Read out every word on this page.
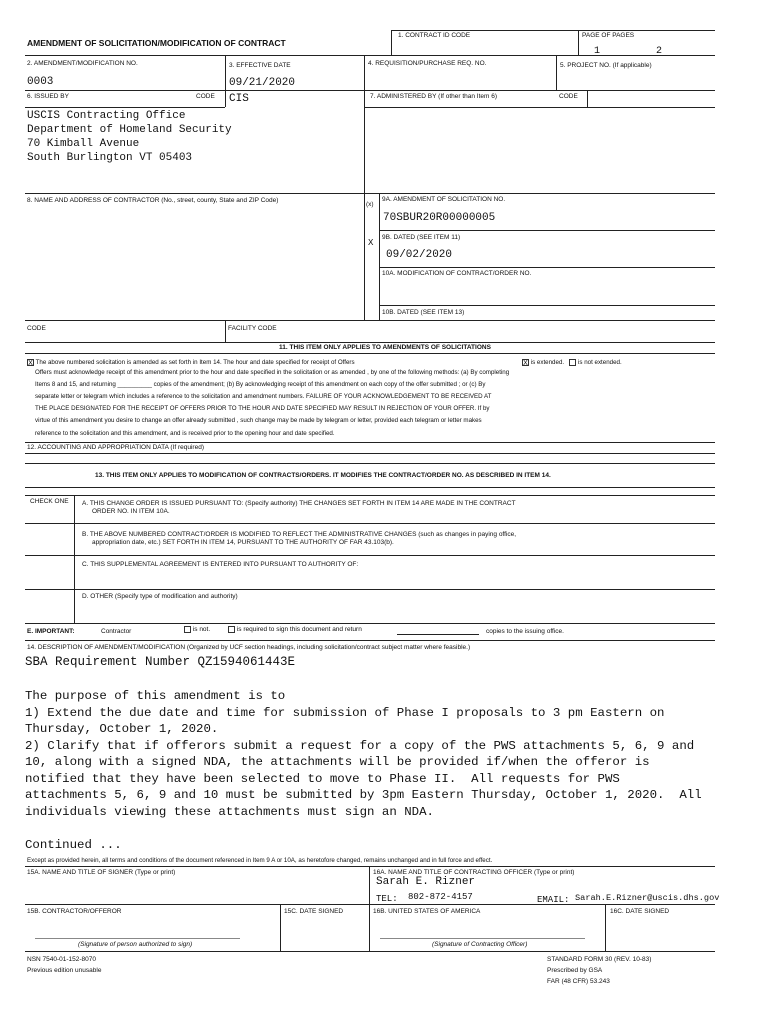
AMENDMENT OF SOLICITATION/MODIFICATION OF CONTRACT
1. CONTRACT ID CODE	PAGE OF PAGES
1	2
2. AMENDMENT/MODIFICATION NO.
0003
3. EFFECTIVE DATE
09/21/2020
4. REQUISITION/PURCHASE REQ. NO.	5. PROJECT NO. (If applicable)
6. ISSUED BY	CODE CIS	7. ADMINISTERED BY (If other than Item 6)	CODE
USCIS Contracting Office
Department of Homeland Security
70 Kimball Avenue
South Burlington VT 05403
8. NAME AND ADDRESS OF CONTRACTOR (No., street, county, State and ZIP Code)
(x)
9A. AMENDMENT OF SOLICITATION NO.
70SBUR20R00000005
X
9B. DATED (SEE ITEM 11)
09/02/2020
10A. MODIFICATION OF CONTRACT/ORDER NO.
10B. DATED (SEE ITEM 13)
CODE	FACILITY CODE
11. THIS ITEM ONLY APPLIES TO AMENDMENTS OF SOLICITATIONS
X The above numbered solicitation is amended as set forth in Item 14. The hour and date specified for receipt of Offers	X is extended. is not extended.
Offers must acknowledge receipt of this amendment prior to the hour and date specified in the solicitation or as amended , by one of the following methods: (a) By completing
Items 8 and 15, and returning __________ copies of the amendment; (b) By acknowledging receipt of this amendment on each copy of the offer submitted ; or (c) By
separate letter or telegram which includes a reference to the solicitation and amendment numbers. FAILURE OF YOUR ACKNOWLEDGEMENT TO BE RECEIVED AT
THE PLACE DESIGNATED FOR THE RECEIPT OF OFFERS PRIOR TO THE HOUR AND DATE SPECIFIED MAY RESULT IN REJECTION OF YOUR OFFER. If by
virtue of this amendment you desire to change an offer already submitted , such change may be made by telegram or letter, provided each telegram or letter makes
reference to the solicitation and this amendment, and is received prior to the opening hour and date specified.
12. ACCOUNTING AND APPROPRIATION DATA (If required)
13. THIS ITEM ONLY APPLIES TO MODIFICATION OF CONTRACTS/ORDERS. IT MODIFIES THE CONTRACT/ORDER NO. AS DESCRIBED IN ITEM 14.
CHECK ONE A. THIS CHANGE ORDER IS ISSUED PURSUANT TO: (Specify authority) THE CHANGES SET FORTH IN ITEM 14 ARE MADE IN THE CONTRACT
ORDER NO. IN ITEM 10A.
B. THE ABOVE NUMBERED CONTRACT/ORDER IS MODIFIED TO REFLECT THE ADMINISTRATIVE CHANGES (such as changes in paying office,
appropriation date, etc.) SET FORTH IN ITEM 14, PURSUANT TO THE AUTHORITY OF FAR 43.103(b).
C. THIS SUPPLEMENTAL AGREEMENT IS ENTERED INTO PURSUANT TO AUTHORITY OF:
D. OTHER (Specify type of modification and authority)
E. IMPORTANT:	Contractor	is not.	is required to sign this document and return	copies to the issuing office.
14. DESCRIPTION OF AMENDMENT/MODIFICATION (Organized by UCF section headings, including solicitation/contract subject matter where feasible.)
SBA Requirement Number QZ1594061443E
The purpose of this amendment is to
1) Extend the due date and time for submission of Phase I proposals to 3 pm Eastern on
Thursday, October 1, 2020.
2) Clarify that if offerors submit a request for a copy of the PWS attachments 5, 6, 9 and
10, along with a signed NDA, the attachments will be provided if/when the offeror is
notified that they have been selected to move to Phase II.  All requests for PWS
attachments 5, 6, 9 and 10 must be submitted by 3pm Eastern Thursday, October 1, 2020.  All
individuals viewing these attachments must sign an NDA.
Continued ...
Except as provided herein, all terms and conditions of the document referenced in Item 9 A or 10A, as heretofore changed, remains unchanged and in full force and effect.
15A. NAME AND TITLE OF SIGNER (Type or print)	16A. NAME AND TITLE OF CONTRACTING OFFICER (Type or print)
Sarah E. Rizner
TEL: 802-872-4157	EMAIL: Sarah.E.Rizner@uscis.dhs.gov
15B. CONTRACTOR/OFFEROR	15C. DATE SIGNED	16B. UNITED STATES OF AMERICA	16C. DATE SIGNED
(Signature of person authorized to sign)	(Signature of Contracting Officer)
NSN 7540-01-152-8070
Previous edition unusable
STANDARD FORM 30 (REV. 10-83)
Prescribed by GSA
FAR (48 CFR) 53.243
